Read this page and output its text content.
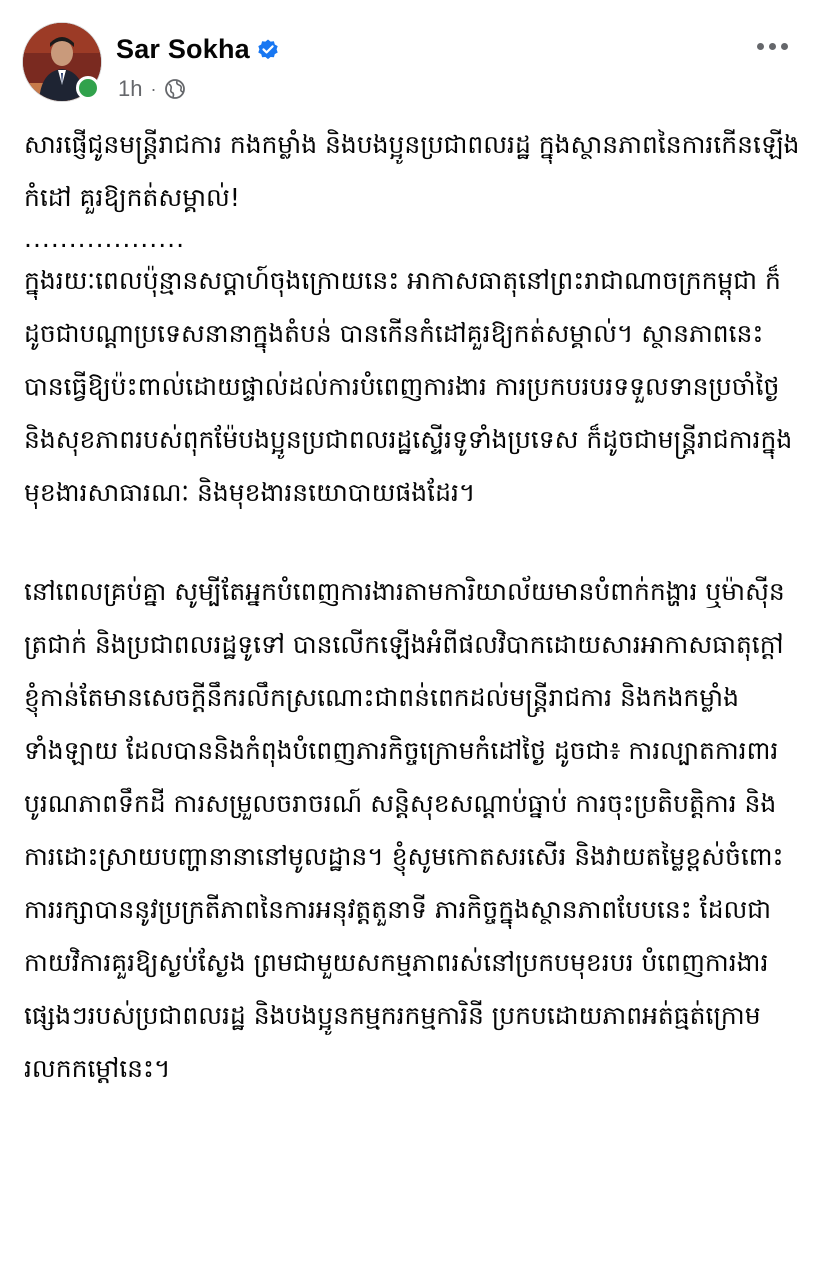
Sar Sokha
1h ·

សារផ្ញើជូនមន្ត្រីរាជការ កងកម្លាំង និងបងប្អូនប្រជាពលរដ្ឋ ក្នុងស្ថានភាពនៃការកើនឡើងកំដៅ គួរឱ្យកត់សម្គាល់!

..................

ក្នុងរយៈពេលប៉ុន្មានសប្តាហ៍ចុងក្រោយនេះ អាកាសធាតុនៅព្រះរាជាណាចក្រកម្ពុជា ក៏ដូចជាបណ្តាប្រទេសនានាក្នុងតំបន់ បានកើនកំដៅគួរឱ្យកត់សម្គាល់។ ស្ថានភាពនេះ បានធ្វើឱ្យប៉ះពាល់ដោយផ្ទាល់ដល់ការបំពេញការងារ ការប្រកបរបរទទួលទានប្រចាំថ្ងៃ និងសុខភាពរបស់ពុកម៉ែបងប្អូនប្រជាពលរដ្ឋស្ទើរទូទាំងប្រទេស ក៏ដូចជាមន្ត្រីរាជការក្នុងមុខងារសាធារណៈ និងមុខងារនយោបាយផងដែរ។

នៅពេលគ្រប់គ្នា សូម្បីតែអ្នកបំពេញការងារតាមការិយាល័យមានបំពាក់កង្ហារ ឬម៉ាស៊ីនត្រជាក់ និងប្រជាពលរដ្ឋទូទៅ បានលើកឡើងអំពីផលវិបាកដោយសារអាកាសធាតុក្តៅ ខ្ញុំកាន់តែមានសេចក្តីនឹករលឹកស្រណោះជាពន់ពេកដល់មន្ត្រីរាជការ និងកងកម្លាំងទាំងឡាយ ដែលបាននិងកំពុងបំពេញភារកិច្ចក្រោមកំដៅថ្ងៃ ដូចជា៖ ការល្បាតការពារបូរណភាពទឹកដី ការសម្រួលចរាចរណ៍ សន្តិសុខសណ្តាប់ធ្នាប់ ការចុះប្រតិបត្តិការ និងការដោះស្រាយបញ្ហានានានៅមូលដ្ឋាន។ ខ្ញុំសូមកោតសរសើរ និងវាយតម្លៃខ្ពស់ចំពោះការរក្សាបាននូវប្រក្រតីភាពនៃការអនុវត្តតួនាទី ភារកិច្ចក្នុងស្ថានភាពបែបនេះ ដែលជាកាយវិការគួរឱ្យស្ងប់ស្ងែង ព្រមជាមួយសកម្មភាពរស់នៅប្រកបមុខរបរ បំពេញការងារផ្សេងៗរបស់ប្រជាពលរដ្ឋ និងបងប្អូនកម្មករកម្មការិនី ប្រកបដោយភាពអត់ធ្មត់ក្រោមរលកកម្តៅនេះ។
